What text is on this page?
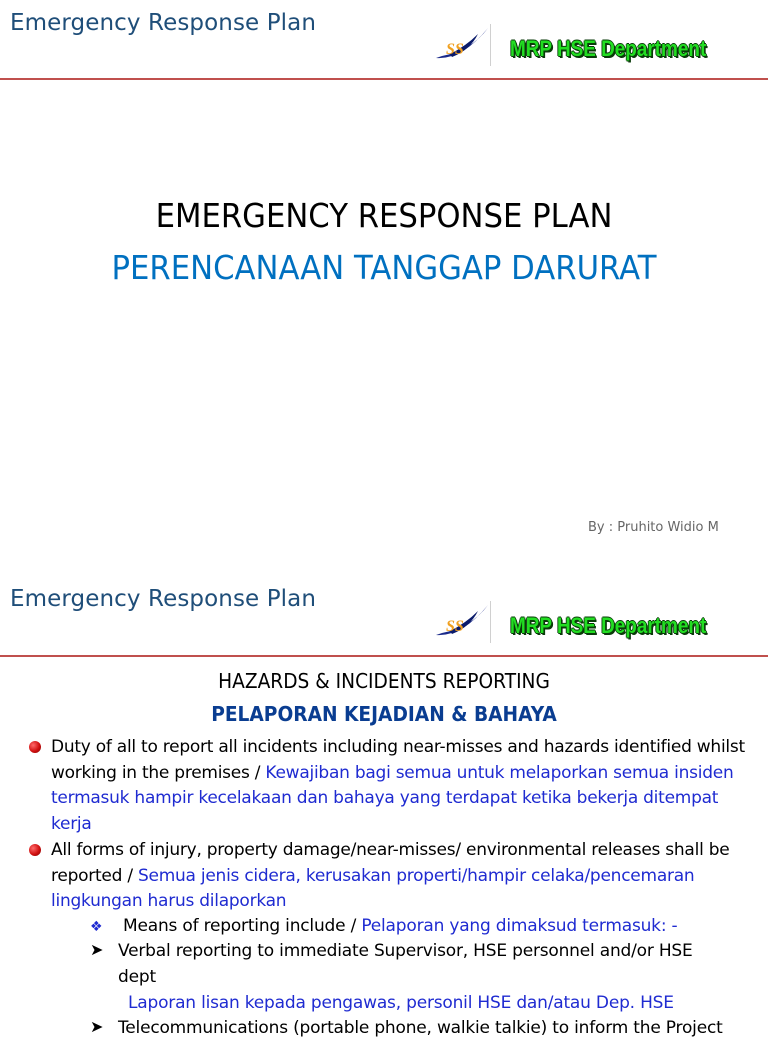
Emergency Response Plan
SS MRP HSE Department
EMERGENCY RESPONSE PLAN
PERENCANAAN TANGGAP DARURAT
By : Pruhito Widio M
Emergency Response Plan
SS MRP HSE Department
HAZARDS & INCIDENTS REPORTING
PELAPORAN KEJADIAN & BAHAYA
Duty of all to report all incidents including near-misses and hazards identified whilst working in the premises / Kewajiban bagi semua untuk melaporkan semua insiden termasuk hampir kecelakaan dan bahaya yang terdapat ketika bekerja ditempat kerja
All forms of injury, property damage/near-misses/ environmental releases shall be reported / Semua jenis cidera, kerusakan properti/hampir celaka/pencemaran lingkungan harus dilaporkan
❖ Means of reporting include / Pelaporan yang dimaksud termasuk: -
➤ Verbal reporting to immediate Supervisor, HSE personnel and/or HSE
dept
Laporan lisan kepada pengawas, personil HSE dan/atau Dep. HSE
➤ Telecommunications (portable phone, walkie talkie) to inform the Project
